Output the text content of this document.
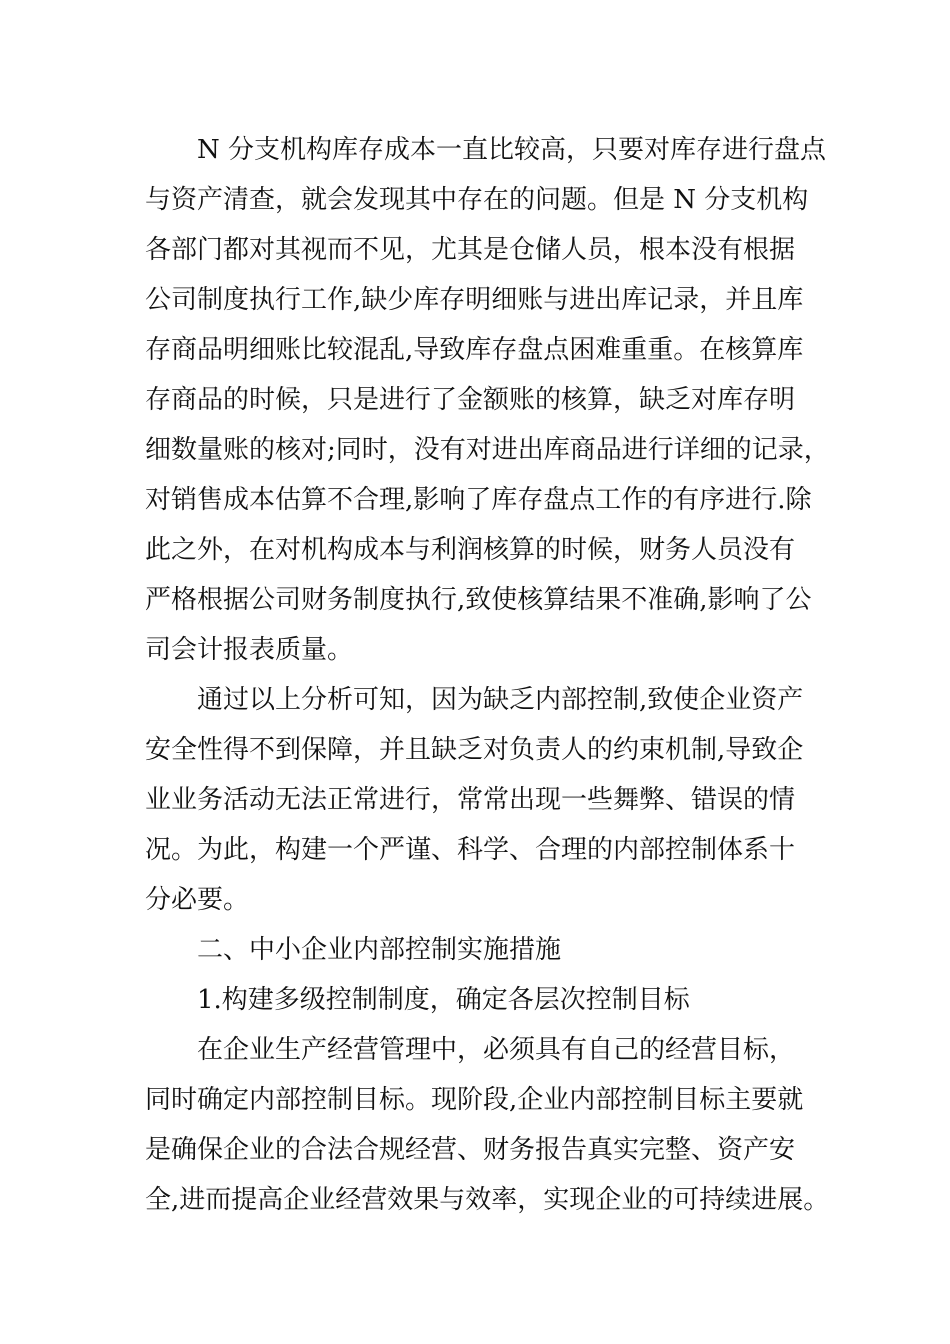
N 分支机构库存成本一直比较高，只要对库存进行盘点

与资产清查，就会发现其中存在的问题。但是 N 分支机构

各部门都对其视而不见，尤其是仓储人员，根本没有根据

公司制度执行工作,缺少库存明细账与进出库记录，并且库

存商品明细账比较混乱,导致库存盘点困难重重。在核算库

存商品的时候，只是进行了金额账的核算，缺乏对库存明

细数量账的核对;同时，没有对进出库商品进行详细的记录，

对销售成本估算不合理,影响了库存盘点工作的有序进行.除

此之外，在对机构成本与利润核算的时候，财务人员没有

严格根据公司财务制度执行,致使核算结果不准确,影响了公

司会计报表质量。

通过以上分析可知，因为缺乏内部控制,致使企业资产

安全性得不到保障，并且缺乏对负责人的约束机制,导致企

业业务活动无法正常进行，常常出现一些舞弊、错误的情

况。为此，构建一个严谨、科学、合理的内部控制体系十

分必要。

二、中小企业内部控制实施措施

1.构建多级控制制度，确定各层次控制目标

在企业生产经营管理中，必须具有自己的经营目标，

同时确定内部控制目标。现阶段,企业内部控制目标主要就

是确保企业的合法合规经营、财务报告真实完整、资产安

全,进而提高企业经营效果与效率，实现企业的可持续进展。
